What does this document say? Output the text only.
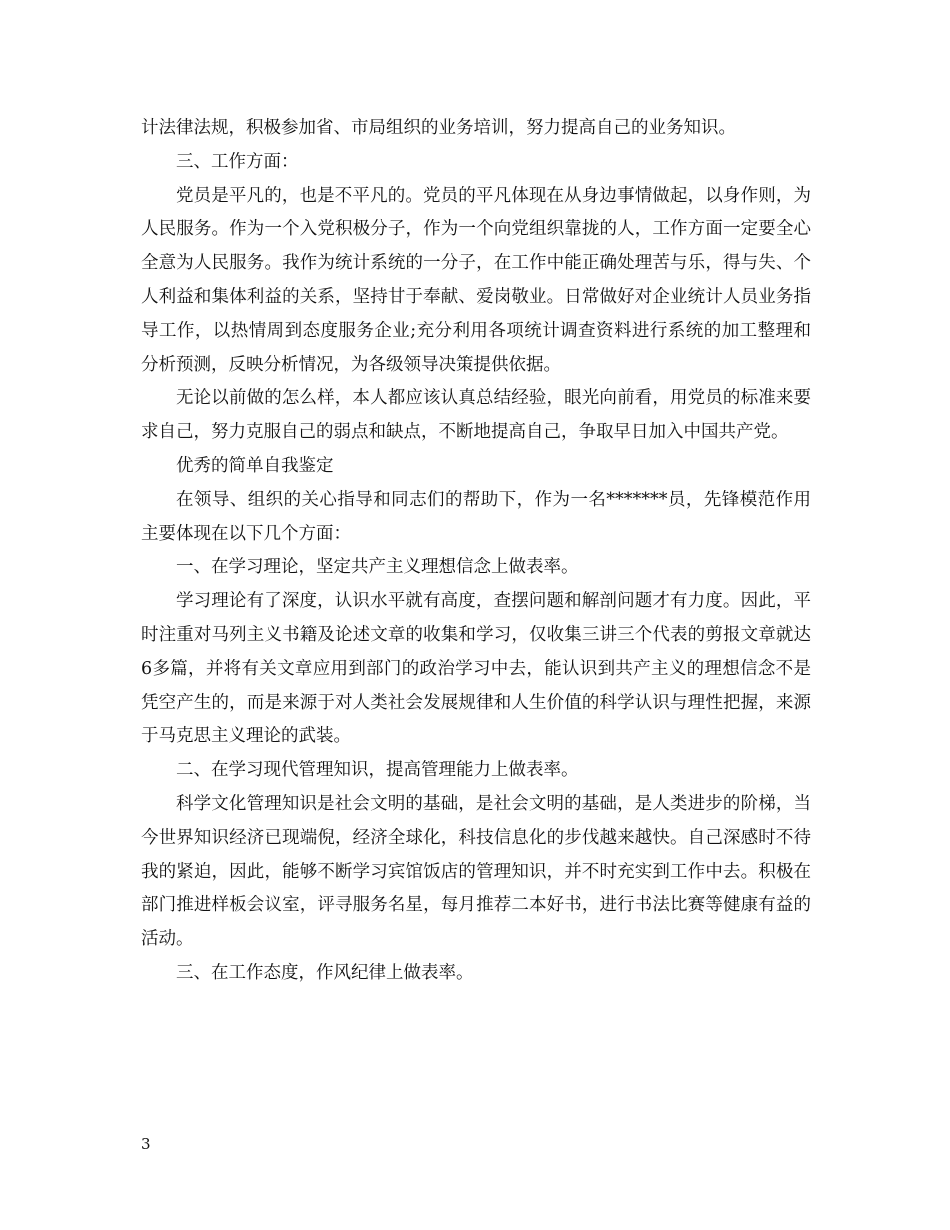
计法律法规，积极参加省、市局组织的业务培训，努力提高自己的业务知识。

三、工作方面：

党员是平凡的，也是不平凡的。党员的平凡体现在从身边事情做起，以身作则，为人民服务。作为一个入党积极分子，作为一个向党组织靠拢的人，工作方面一定要全心全意为人民服务。我作为统计系统的一分子，在工作中能正确处理苦与乐，得与失、个人利益和集体利益的关系，坚持甘于奉献、爱岗敬业。日常做好对企业统计人员业务指导工作，以热情周到态度服务企业;充分利用各项统计调查资料进行系统的加工整理和分析预测，反映分析情况，为各级领导决策提供依据。

无论以前做的怎么样，本人都应该认真总结经验，眼光向前看，用党员的标准来要求自己，努力克服自己的弱点和缺点，不断地提高自己，争取早日加入中国共产党。

优秀的简单自我鉴定

在领导、组织的关心指导和同志们的帮助下，作为一名*******员，先锋模范作用主要体现在以下几个方面：

一、在学习理论，坚定共产主义理想信念上做表率。

学习理论有了深度，认识水平就有高度，查摆问题和解剖问题才有力度。因此，平时注重对马列主义书籍及论述文章的收集和学习，仅收集三讲三个代表的剪报文章就达6多篇，并将有关文章应用到部门的政治学习中去，能认识到共产主义的理想信念不是凭空产生的，而是来源于对人类社会发展规律和人生价值的科学认识与理性把握，来源于马克思主义理论的武装。

二、在学习现代管理知识，提高管理能力上做表率。

科学文化管理知识是社会文明的基础，是社会文明的基础，是人类进步的阶梯，当今世界知识经济已现端倪，经济全球化，科技信息化的步伐越来越快。自己深感时不待我的紧迫，因此，能够不断学习宾馆饭店的管理知识，并不时充实到工作中去。积极在部门推进样板会议室，评寻服务名星，每月推荐二本好书，进行书法比赛等健康有益的活动。

三、在工作态度，作风纪律上做表率。

3
